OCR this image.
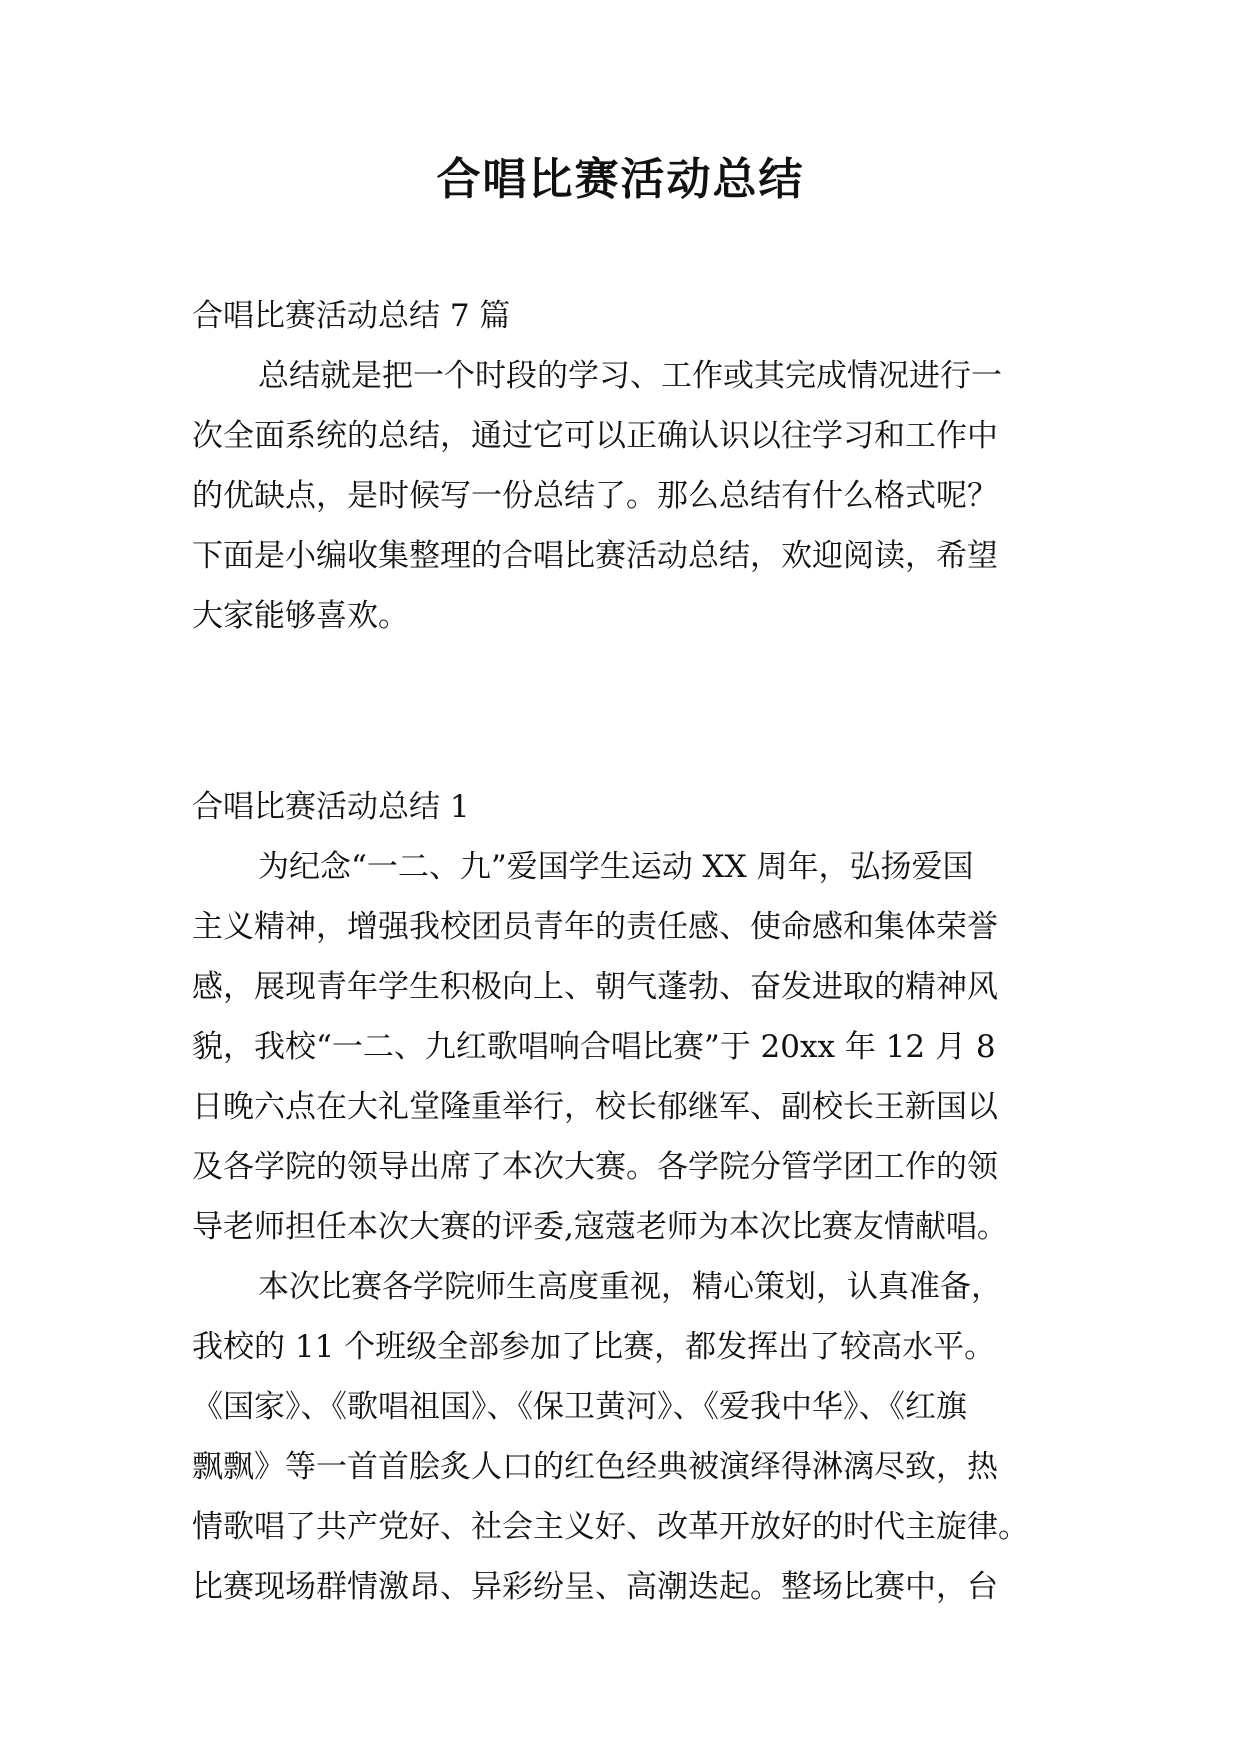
合唱比赛活动总结

合唱比赛活动总结 7 篇

总结就是把一个时段的学习、工作或其完成情况进行一

次全面系统的总结，通过它可以正确认识以往学习和工作中

的优缺点，是时候写一份总结了。那么总结有什么格式呢？

下面是小编收集整理的合唱比赛活动总结，欢迎阅读，希望

大家能够喜欢。

合唱比赛活动总结 1

为纪念“一二、九”爱国学生运动 XX 周年，弘扬爱国

主义精神，增强我校团员青年的责任感、使命感和集体荣誉

感，展现青年学生积极向上、朝气蓬勃、奋发进取的精神风

貌，我校“一二、九红歌唱响合唱比赛”于 20xx 年 12 月 8

日晚六点在大礼堂隆重举行，校长郁继军、副校长王新国以

及各学院的领导出席了本次大赛。各学院分管学团工作的领

导老师担任本次大赛的评委,寇蔻老师为本次比赛友情献唱。

本次比赛各学院师生高度重视，精心策划，认真准备，

我校的 11 个班级全部参加了比赛，都发挥出了较高水平。

《国家》、《歌唱祖国》、《保卫黄河》、《爱我中华》、《红旗

飘飘》等一首首脍炙人口的红色经典被演绎得淋漓尽致，热

情歌唱了共产党好、社会主义好、改革开放好的时代主旋律。

比赛现场群情激昂、异彩纷呈、高潮迭起。整场比赛中，台
